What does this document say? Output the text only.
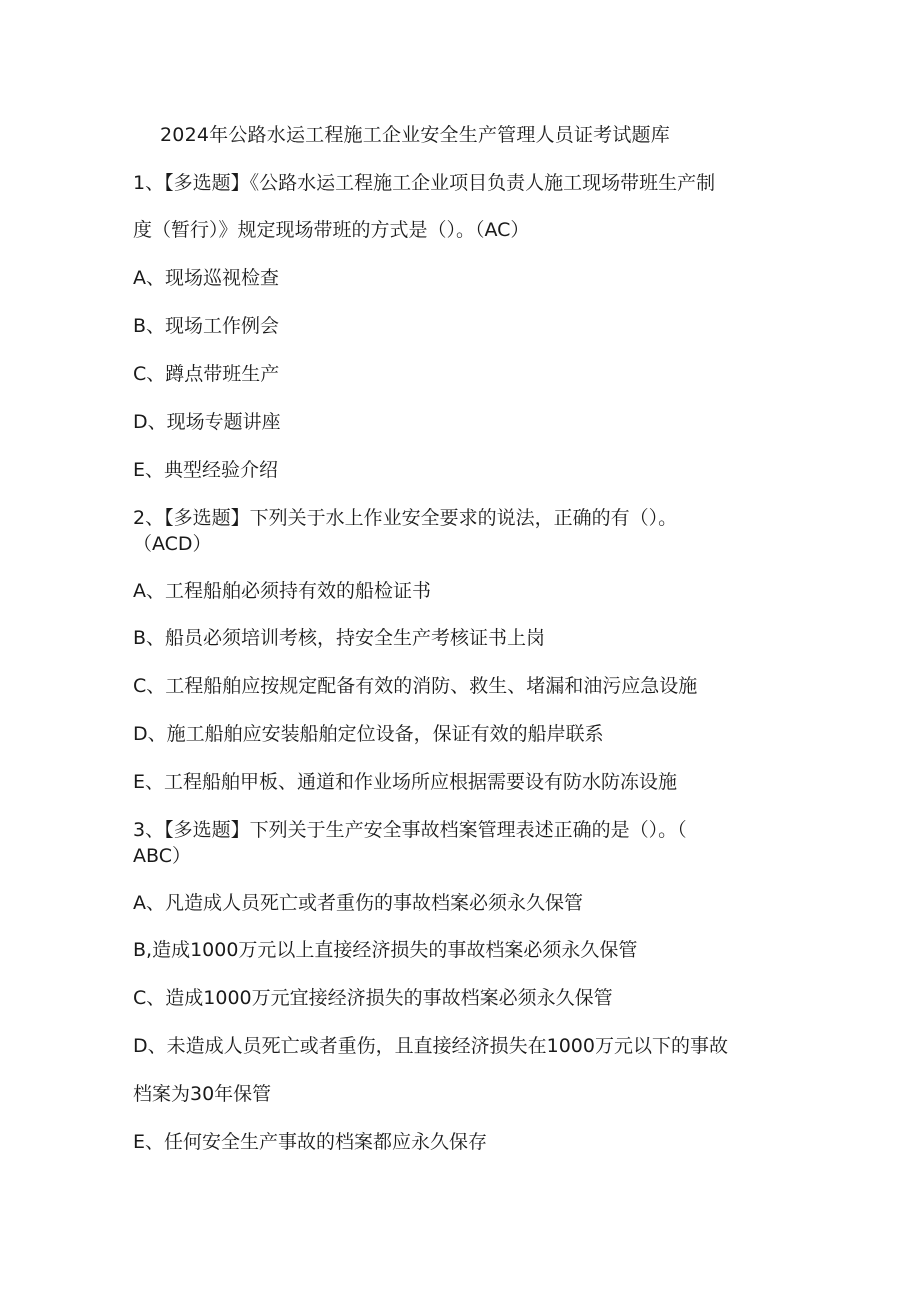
2024年公路水运工程施工企业安全生产管理人员证考试题库
1、【多选题】《公路水运工程施工企业项目负责人施工现场带班生产制
度（暂行）》规定现场带班的方式是（）。（AC）
A、现场巡视检查
B、现场工作例会
C、蹲点带班生产
D、现场专题讲座
E、典型经验介绍
2、【多选题】下列关于水上作业安全要求的说法，正确的有（）。
（ACD）
A、工程船舶必须持有效的船检证书
B、船员必须培训考核，持安全生产考核证书上岗
C、工程船舶应按规定配备有效的消防、救生、堵漏和油污应急设施
D、施工船舶应安装船舶定位设备，保证有效的船岸联系
E、工程船舶甲板、通道和作业场所应根据需要设有防水防冻设施
3、【多选题】下列关于生产安全事故档案管理表述正确的是（）。（
ABC）
A、凡造成人员死亡或者重伤的事故档案必须永久保管
B,造成1000万元以上直接经济损失的事故档案必须永久保管
C、造成1000万元宜接经济损失的事故档案必须永久保管
D、未造成人员死亡或者重伤，且直接经济损失在1000万元以下的事故
档案为30年保管
E、任何安全生产事故的档案都应永久保存
